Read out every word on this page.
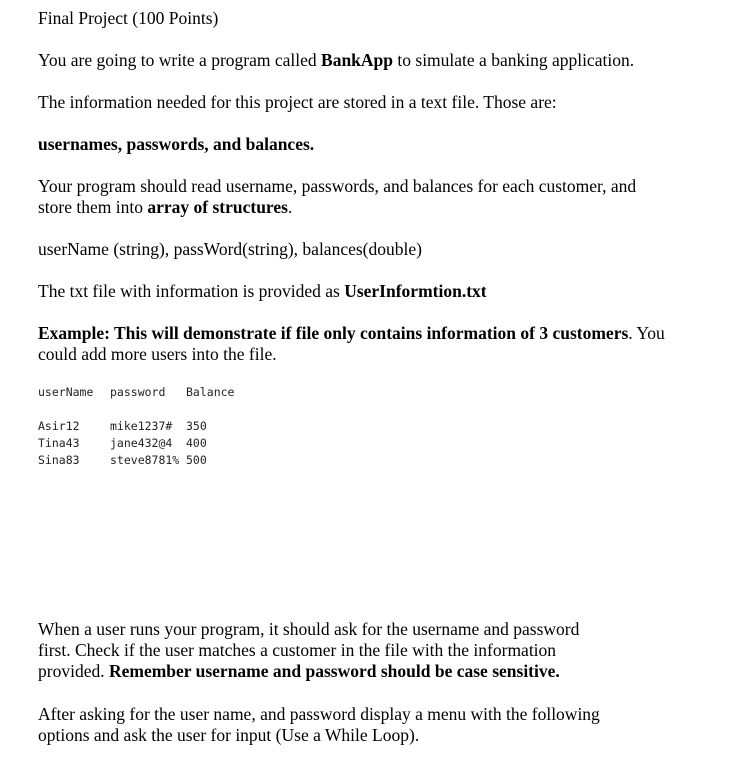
Final Project (100 Points)

You are going to write a program called BankApp to simulate a banking application.

The information needed for this project are stored in a text file. Those are:

usernames, passwords, and balances.

Your program should read username, passwords, and balances for each customer, and

store them into array of structures.

userName (string), passWord(string), balances(double)

The txt file with information is provided as UserInformtion.txt

Example: This will demonstrate if file only contains information of 3 customers. You

could add more users into the file.

userName password Balance
Asir12	mike1237# 350
Tina43	jane432@4 400
Sina83	steve8781% 500

When a user runs your program, it should ask for the username and password

first. Check if the user matches a customer in the file with the information

provided. Remember username and password should be case sensitive.

After asking for the user name, and password display a menu with the following

options and ask the user for input (Use a While Loop).
